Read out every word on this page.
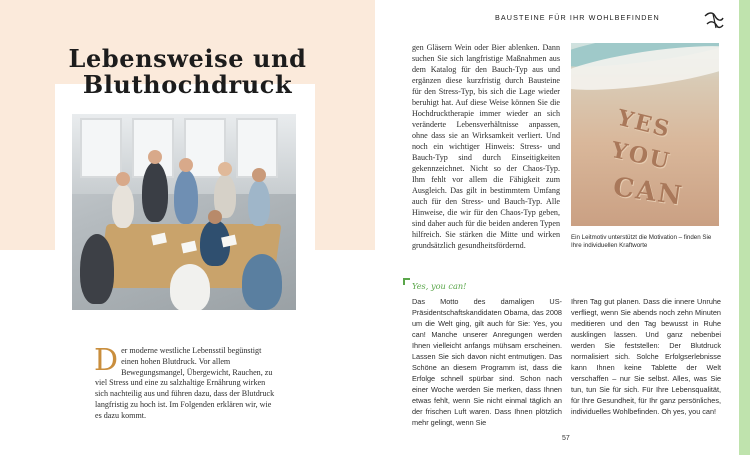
Lebensweise und
Bluthochdruck

Der moderne westliche Lebensstil begünstigt einen hohen Blutdruck. Vor allem Bewegungsmangel, Übergewicht, Rauchen, zu viel Stress und eine zu salzhaltige Ernährung wirken sich nachteilig aus und führen dazu, dass der Blutdruck langfristig zu hoch ist. Im Folgenden erklären wir, wie es dazu kommt.

BAUSTEINE FÜR IHR WOHLBEFINDEN

gen Gläsern Wein oder Bier ablenken. Dann suchen Sie sich langfristige Maßnahmen aus dem Katalog für den Bauch-Typ aus und ergänzen diese kurzfristig durch Bausteine für den Stress-Typ, bis sich die Lage wieder beruhigt hat. Auf diese Weise können Sie die Hochdrucktherapie immer wieder an sich veränderte Lebensverhältnisse anpassen, ohne dass sie an Wirksamkeit verliert. Und noch ein wichtiger Hinweis: Stress- und Bauch-Typ sind durch Einseitigkeiten gekennzeichnet. Nicht so der Chaos-Typ. Ihm fehlt vor allem die Fähigkeit zum Ausgleich. Das gilt in bestimmtem Umfang auch für den Stress- und Bauch-Typ. Alle Hinweise, die wir für den Chaos-Typ geben, sind daher auch für die beiden anderen Typen hilfreich. Sie stärken die Mitte und wirken grundsätzlich gesundheitsfördernd.

YES
YOU
CAN

Ein Leitmotiv unterstützt die Motivation – finden Sie Ihre individuellen Kraftworte

Yes, you can!

Das Motto des damaligen US-Präsidentschaftskandidaten Obama, das 2008 um die Welt ging, gilt auch für Sie: Yes, you can! Manche unserer Anregungen werden Ihnen vielleicht anfangs mühsam erscheinen. Lassen Sie sich davon nicht entmutigen. Das Schöne an diesem Programm ist, dass die Erfolge schnell spürbar sind. Schon nach einer Woche werden Sie merken, dass Ihnen etwas fehlt, wenn Sie nicht einmal täglich an der frischen Luft waren. Dass Ihnen plötzlich mehr gelingt, wenn Sie

Ihren Tag gut planen. Dass die innere Unruhe verfliegt, wenn Sie abends noch zehn Minuten meditieren und den Tag bewusst in Ruhe ausklingen lassen. Und ganz nebenbei werden Sie feststellen: Der Blutdruck normalisiert sich. Solche Erfolgserlebnisse kann Ihnen keine Tablette der Welt verschaffen – nur Sie selbst. Alles, was Sie tun, tun Sie für sich. Für Ihre Lebensqualität, für Ihre Gesundheit, für Ihr ganz persönliches, individuelles Wohlbefinden. Oh yes, you can!

57
